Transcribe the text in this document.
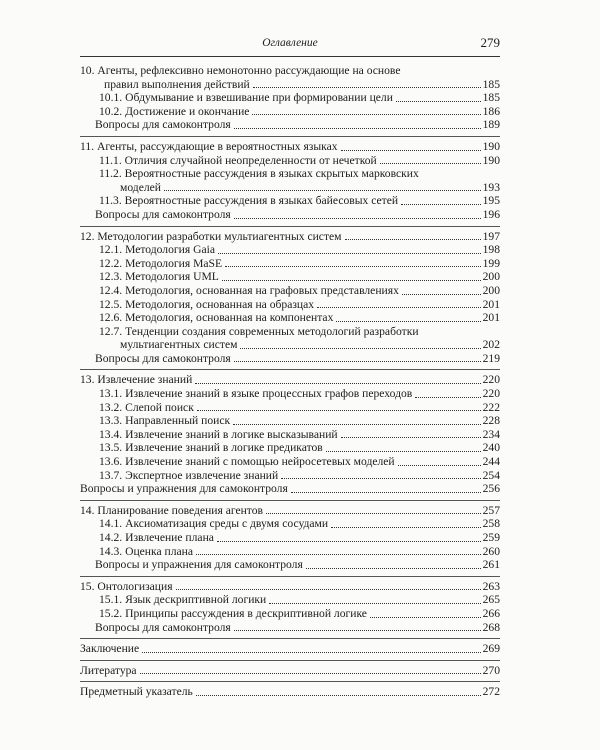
Оглавление	279
10. Агенты, рефлексивно немонотонно рассуждающие на основе
правил выполнения действий	185
10.1. Обдумывание и взвешивание при формировании цели	185
10.2. Достижение и окончание	186
Вопросы для самоконтроля	189
11. Агенты, рассуждающие в вероятностных языках	190
11.1. Отличия случайной неопределенности от нечеткой	190
11.2. Вероятностные рассуждения в языках скрытых марковских
моделей	193
11.3. Вероятностные рассуждения в языках байесовых сетей	195
Вопросы для самоконтроля	196
12. Методологии разработки мультиагентных систем	197
12.1. Методология Gaia	198
12.2. Методология MaSE	199
12.3. Методология UML	200
12.4. Методология, основанная на графовых представлениях	200
12.5. Методология, основанная на образцах	201
12.6. Методология, основанная на компонентах	201
12.7. Тенденции создания современных методологий разработки
мультиагентных систем	202
Вопросы для самоконтроля	219
13. Извлечение знаний	220
13.1. Извлечение знаний в языке процессных графов переходов	220
13.2. Слепой поиск	222
13.3. Направленный поиск	228
13.4. Извлечение знаний в логике высказываний	234
13.5. Извлечение знаний в логике предикатов	240
13.6. Извлечение знаний с помощью нейросетевых моделей	244
13.7. Экспертное извлечение знаний	254
Вопросы и упражнения для самоконтроля	256
14. Планирование поведения агентов	257
14.1. Аксиоматизация среды с двумя сосудами	258
14.2. Извлечение плана	259
14.3. Оценка плана	260
Вопросы и упражнения для самоконтроля	261
15. Онтологизация	263
15.1. Язык дескриптивной логики	265
15.2. Принципы рассуждения в дескриптивной логике	266
Вопросы для самоконтроля	268
Заключение	269
Литература	270
Предметный указатель	272
